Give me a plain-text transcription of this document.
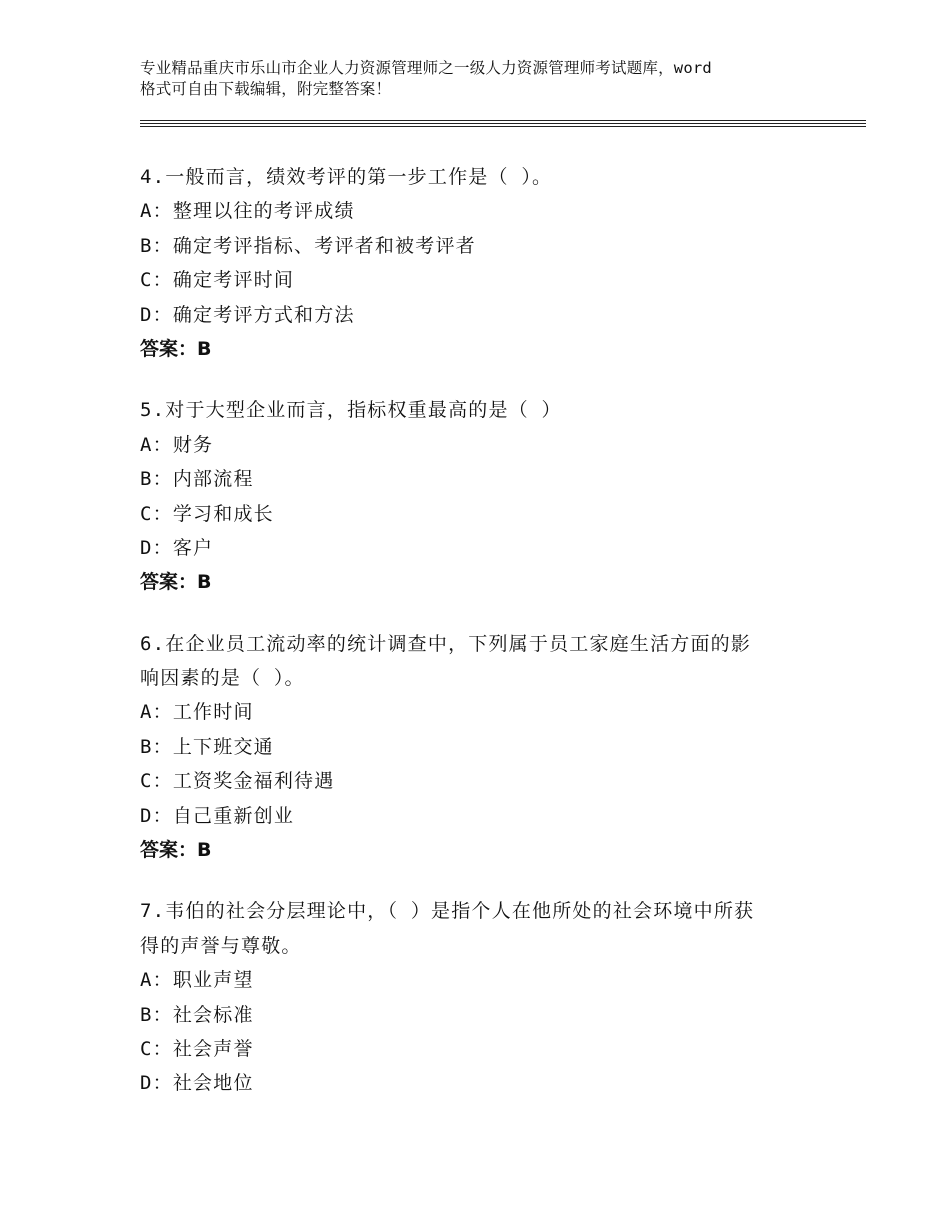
专业精品重庆市乐山市企业人力资源管理师之一级人力资源管理师考试题库，word
格式可自由下载编辑，附完整答案！
4.一般而言，绩效考评的第一步工作是（ ）。
A：整理以往的考评成绩
B：确定考评指标、考评者和被考评者
C：确定考评时间
D：确定考评方式和方法
答案：B
5.对于大型企业而言，指标权重最高的是（ ）
A：财务
B：内部流程
C：学习和成长
D：客户
答案：B
6.在企业员工流动率的统计调查中，下列属于员工家庭生活方面的影
响因素的是（ ）。
A：工作时间
B：上下班交通
C：工资奖金福利待遇
D：自己重新创业
答案：B
7.韦伯的社会分层理论中，（ ）是指个人在他所处的社会环境中所获
得的声誉与尊敬。
A：职业声望
B：社会标准
C：社会声誉
D：社会地位
